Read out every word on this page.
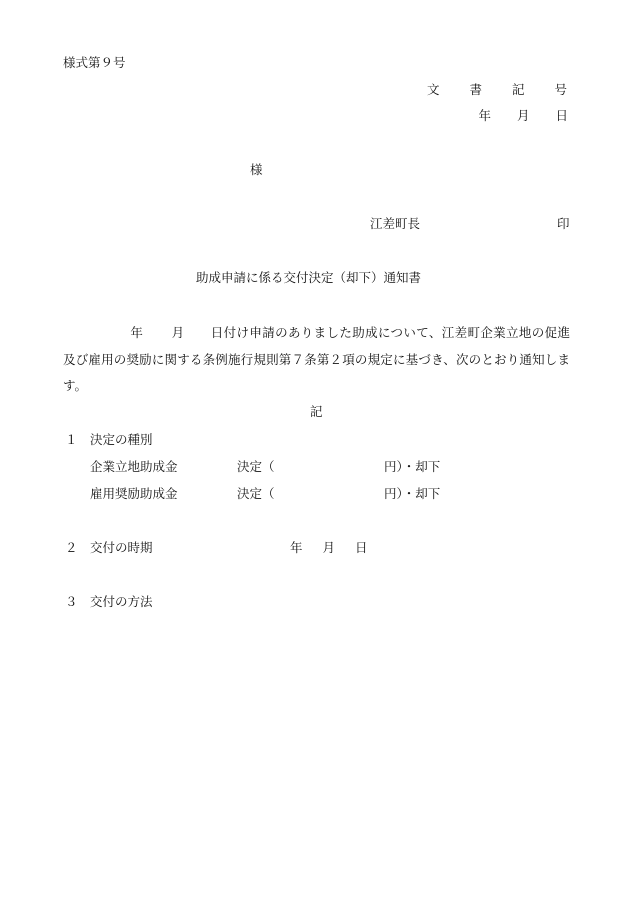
様式第９号
文 書 記 号
年 月 日
様
江差町長	印
助成申請に係る交付決定（却下）通知書
年 月 日付け申請のありました助成について、江差町企業立地の促進及び雇用の奨励に関する条例施行規則第７条第２項の規定に基づき、次のとおり通知します。
記
１ 決定の種別
企業立地助成金	決定（	円）・却下
雇用奨励助成金	決定（	円）・却下
２ 交付の時期	年 月 日
３ 交付の方法
